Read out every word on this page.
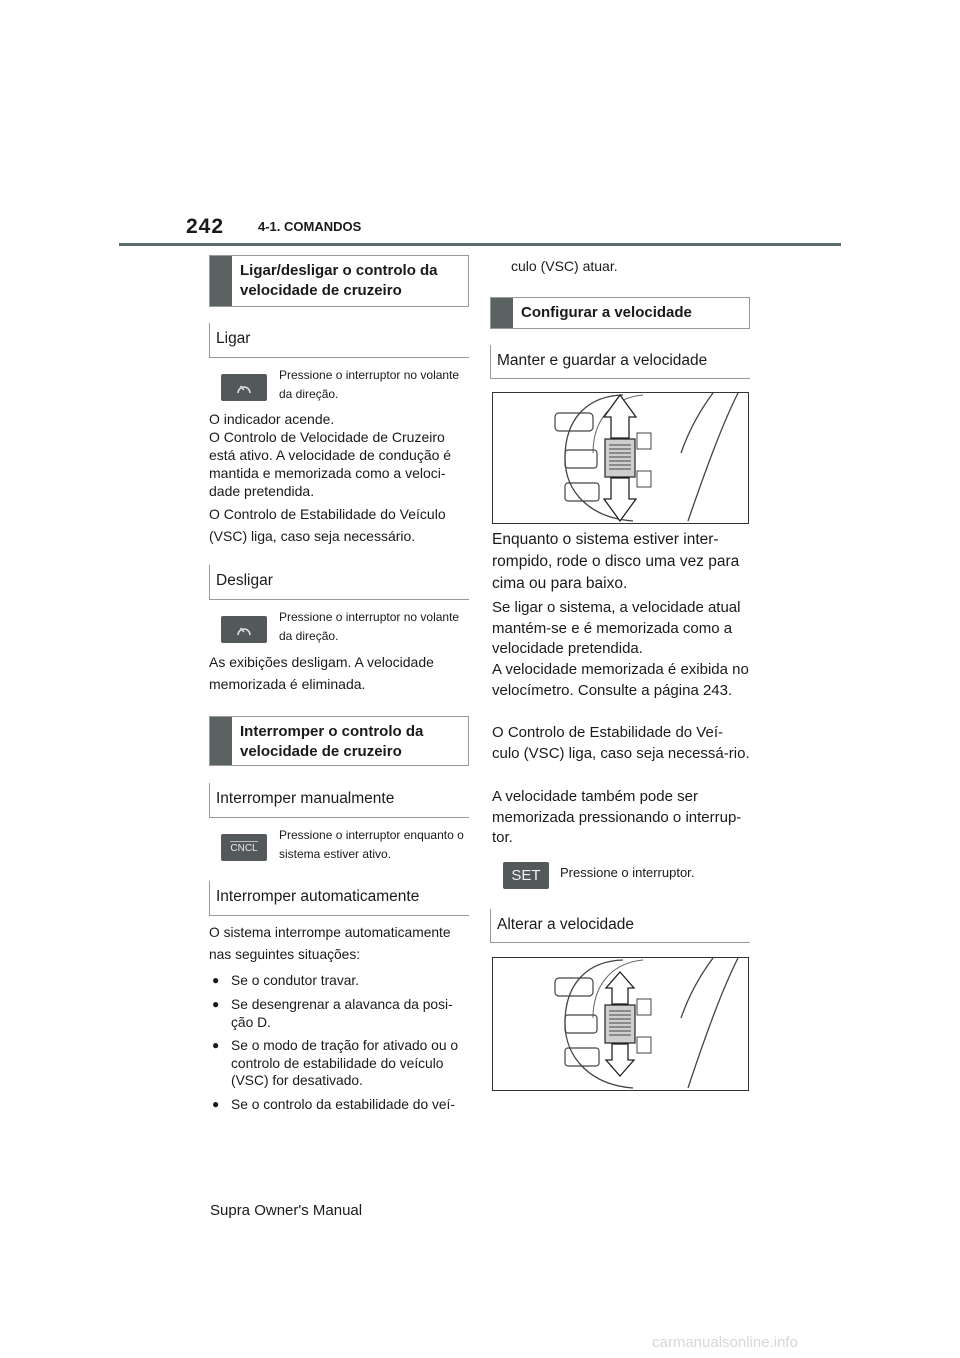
242	4-1. COMANDOS
Ligar/desligar o controlo da velocidade de cruzeiro
Ligar
Pressione o interruptor no volante da direção.
O indicador acende.
O Controlo de Velocidade de Cruzeiro está ativo. A velocidade de condução é mantida e memorizada como a veloci-dade pretendida.
O Controlo de Estabilidade do Veículo (VSC) liga, caso seja necessário.
Desligar
Pressione o interruptor no volante da direção.
As exibições desligam. A velocidade memorizada é eliminada.
Interromper o controlo da velocidade de cruzeiro
Interromper manualmente
CNCL
Pressione o interruptor enquanto o sistema estiver ativo.
Interromper automaticamente
O sistema interrompe automaticamente nas seguintes situações:
● Se o condutor travar.
● Se desengrenar a alavanca da posi-ção D.
● Se o modo de tração for ativado ou o controlo de estabilidade do veículo (VSC) for desativado.
● Se o controlo da estabilidade do veí-
culo (VSC) atuar.
Configurar a velocidade
Manter e guardar a velocidade
Enquanto o sistema estiver inter-rompido, rode o disco uma vez para cima ou para baixo.
Se ligar o sistema, a velocidade atual mantém-se e é memorizada como a velocidade pretendida.
A velocidade memorizada é exibida no velocímetro. Consulte a página 243.
O Controlo de Estabilidade do Veí-culo (VSC) liga, caso seja necessá-rio.
A velocidade também pode ser memorizada pressionando o interrup-tor.
SET Pressione o interruptor.
Alterar a velocidade
Supra Owner's Manual
carmanualsonline.info
